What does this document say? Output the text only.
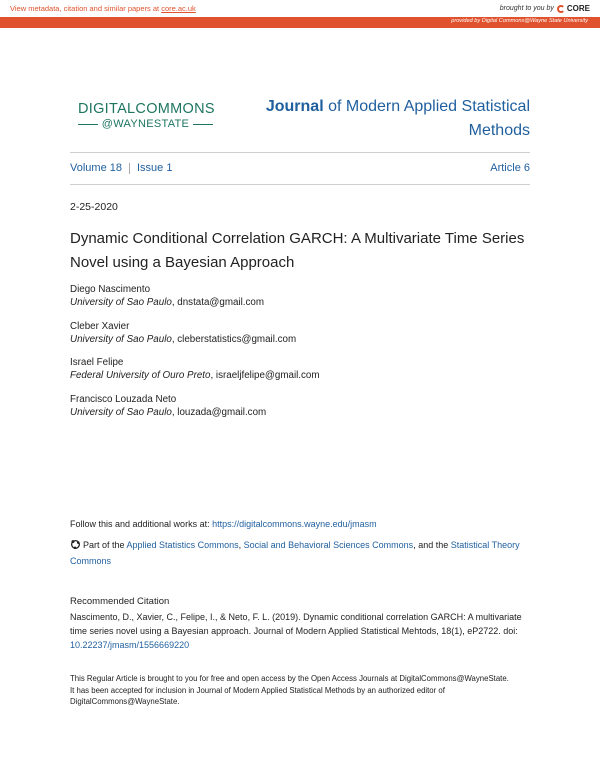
View metadata, citation and similar papers at core.ac.uk	brought to you by CORE
provided by Digital Commons@Wayne State University
DIGITALCOMMONS
@WAYNESTATE
Journal of Modern Applied Statistical
Methods
Volume 18 Issue 1	Article 6
2-25-2020
Dynamic Conditional Correlation GARCH: A Multivariate Time Series Novel using a Bayesian Approach
Diego Nascimento
University of Sao Paulo, dnstata@gmail.com
Cleber Xavier
University of Sao Paulo, cleberstatistics@gmail.com
Israel Felipe
Federal University of Ouro Preto, israeljfelipe@gmail.com
Francisco Louzada Neto
University of Sao Paulo, louzada@gmail.com
Follow this and additional works at: https://digitalcommons.wayne.edu/jmasm
Part of the Applied Statistics Commons, Social and Behavioral Sciences Commons, and the Statistical Theory Commons
Recommended Citation
Nascimento, D., Xavier, C., Felipe, I., & Neto, F. L. (2019). Dynamic conditional correlation GARCH: A multivariate time series novel using a Bayesian approach. Journal of Modern Applied Statistical Mehtods, 18(1), eP2722. doi: 10.22237/jmasm/1556669220
This Regular Article is brought to you for free and open access by the Open Access Journals at DigitalCommons@WayneState. It has been accepted for inclusion in Journal of Modern Applied Statistical Methods by an authorized editor of DigitalCommons@WayneState.
